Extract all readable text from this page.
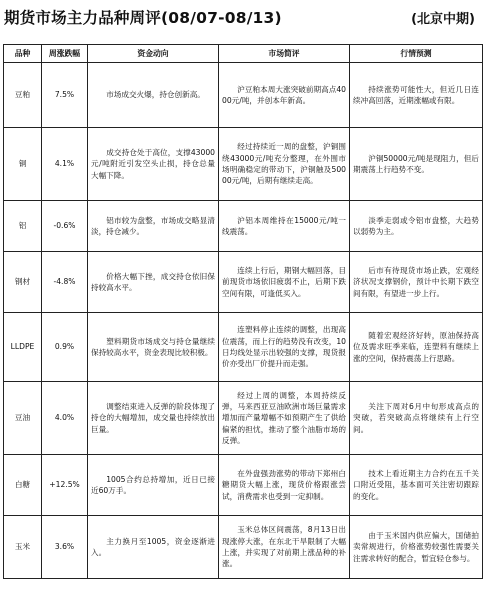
期货市场主力品种周评(08/07-08/13)	(北京中期)
品种	周涨跌幅	资金动向	市场简评	行情预测
豆粕	7.5%	市场成交火爆，持仓创新高。	沪豆粕本周大涨突破前期高点4000元/吨，并创本年新高。	持续涨势可能性大，但近几日连续冲高回落，近期涨幅或有限。
铜	4.1%	成交持仓处于高位，支撑43000元/吨附近引发空头止损，持仓总量大幅下降。	经过持续近一周的盘整，沪铜围绕43000元/吨充分整理，在外围市场明确稳定的带动下，沪铜触及50000元/吨，后期有继续走高。	沪铜50000元/吨是现阻力，但后期震荡上行趋势不变。
铝	-0.6%	铝市较为盘整，市场成交略显清淡，持仓减少。	沪铝本周维持在15000元/吨一线震荡。	淡季走弱或令铝市盘整，大趋势以弱势为主。
钢材	-4.8%	价格大幅下挫，成交持仓依旧保持较高水平。	连续上行后，期钢大幅回落，目前现货市场依旧疲弱不止，后期下跌空间有限，可逢低买入。	后市有待现货市场止跌，宏观经济状况支撑钢价，预计中长期下跌空间有限，有望进一步上行。
LLDPE	0.9%	塑料期货市场成交与持仓量继续保持较高水平，资金表现比较积极。	连塑料停止连续的调整，出现高位震荡，而上行的趋势没有改变，10日均线处显示出较强的支撑，现货报价亦受出厂价提升而走强。	随着宏观经济好转，原油保持高位及需求旺季来临，连塑料有继续上涨的空间，保持震荡上行思路。
豆油	4.0%	调整结束进入反弹的阶段体现了持仓的大幅增加，成交量也持续放出巨量。	经过上周的调整，本周持续反弹，马来西亚豆油欧洲市场巨量需求增加而产量增幅不如预期产生了供给偏紧的担忧，推动了整个油脂市场的反弹。	关注下周对6月中旬形成高点的突破，若突破高点将继续有上行空间。
白糖	+12.5%	1005合约总持增加，近日已接近60万手。	在外盘强劲涨势的带动下郑州白糖期货大幅上涨，现货价格跟涨尝试，消费需求也受到一定抑制。	技术上看近期主力合约在五千关口附近受阻，基本面可关注密切跟踪的变化。
玉米	3.6%	主力换月至1005，资金逐渐进入。	玉米总体区间震荡，8月13日出现涨停大涨，在东北干旱限制了大幅上涨，并实现了对前期上涨品种的补涨。	由于玉米国内供应偏大，国储拍卖常规进行，价格涨势较强性需要关注需求转好的配合，暂宜轻仓参与。
